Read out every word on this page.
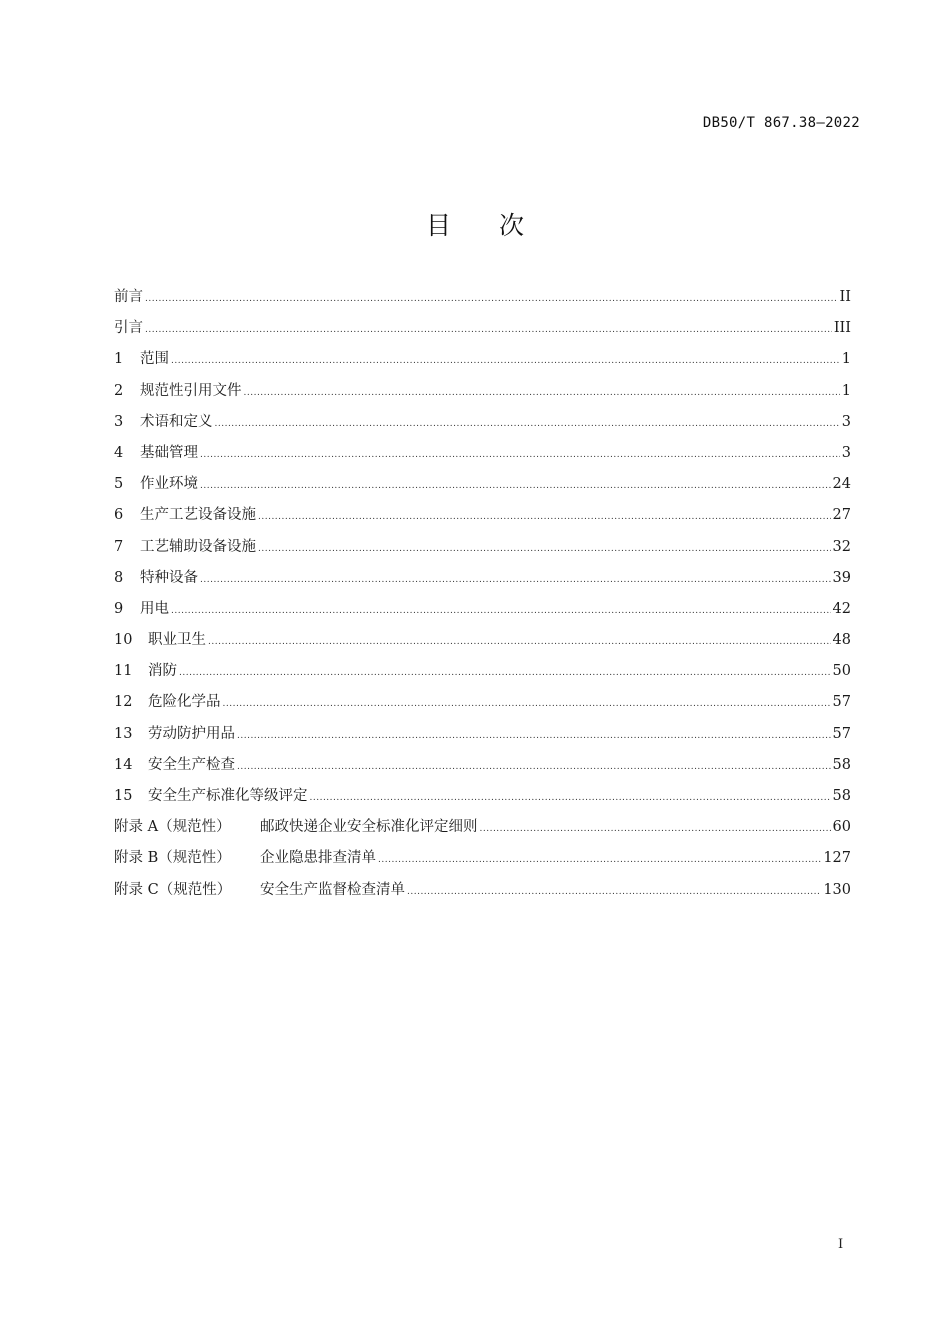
DB50/T 867.38—2022
目次
前言 .....	II
引言 .....	III
1	范围 .....	1
2	规范性引用文件 .....	1
3	术语和定义 .....	3
4	基础管理 .....	3
5	作业环境 .....	24
6	生产工艺设备设施 .....	27
7	工艺辅助设备设施 .....	32
8	特种设备 .....	39
9	用电 .....	42
10	职业卫生 .....	48
11	消防 .....	50
12	危险化学品 .....	57
13	劳动防护用品 .....	57
14	安全生产检查 .....	58
15	安全生产标准化等级评定 .....	58
附录 A（规范性）	邮政快递企业安全标准化评定细则 .....	60
附录 B（规范性）	企业隐患排查清单 .....	127
附录 C（规范性）	安全生产监督检查清单 .....	130
I
